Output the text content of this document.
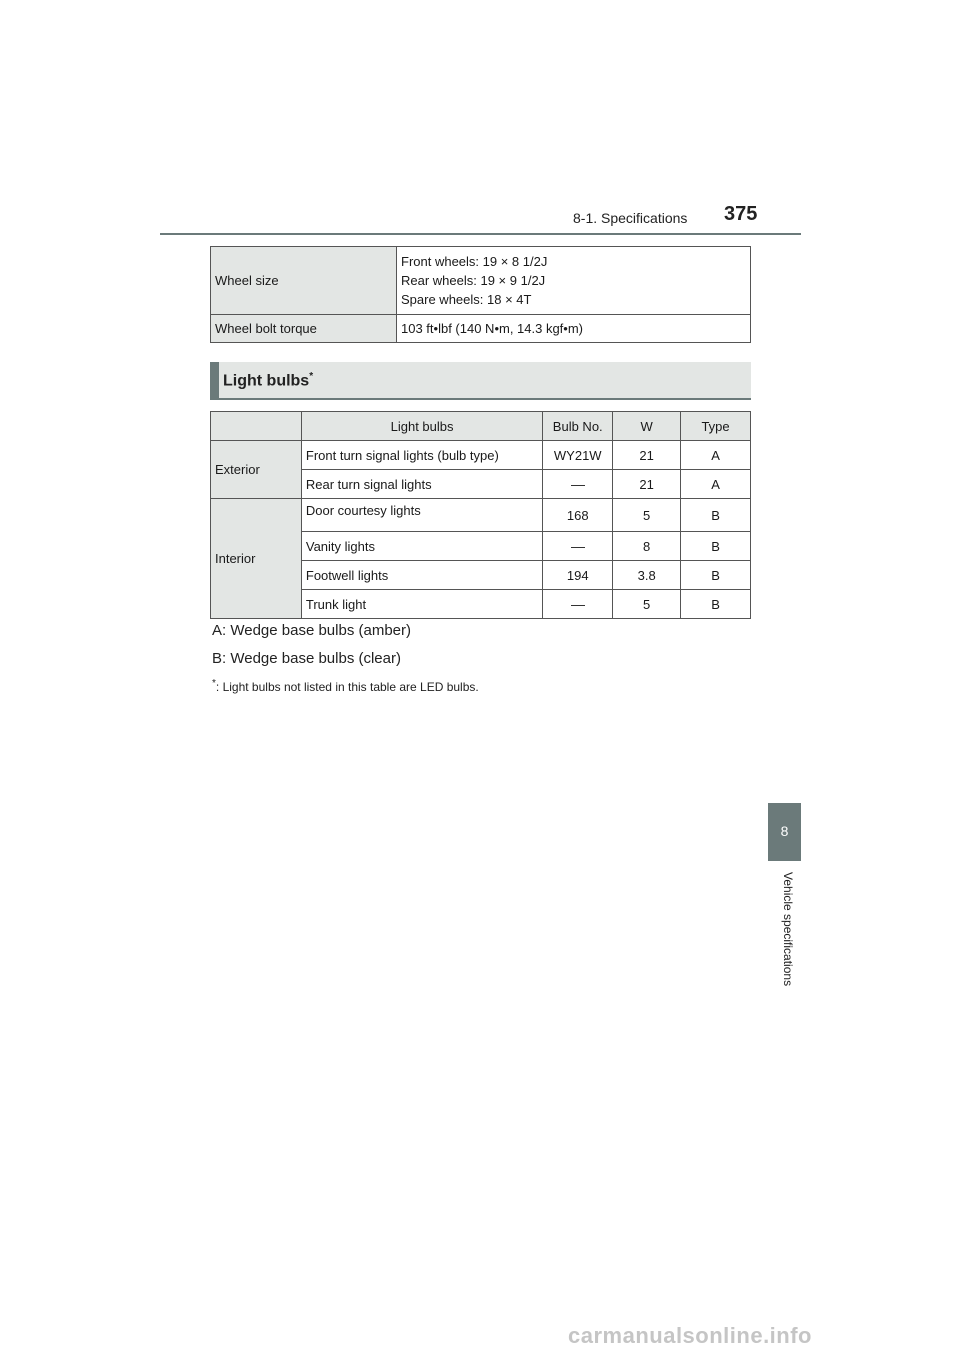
8-1. Specifications 375
Wheel size	Front wheels: 19 × 8 1/2J
Rear wheels: 19 × 9 1/2J
Spare wheels: 18 × 4T

Wheel bolt torque	103 ft•lbf (140 N•m, 14.3 kgf•m)
Light bulbs*
	Light bulbs	Bulb No.	W	Type
Exterior	Front turn signal lights (bulb type)	WY21W	21	A
	Rear turn signal lights		21	A
Interior	Door courtesy lights	168	5	B
	Vanity lights		8	B
	Footwell lights	194	3.8	B
	Trunk light		5	B
A: Wedge base bulbs (amber)
B: Wedge base bulbs (clear)
*: Light bulbs not listed in this table are LED bulbs.
8
Vehicle specifications
carmanualsonline.info
